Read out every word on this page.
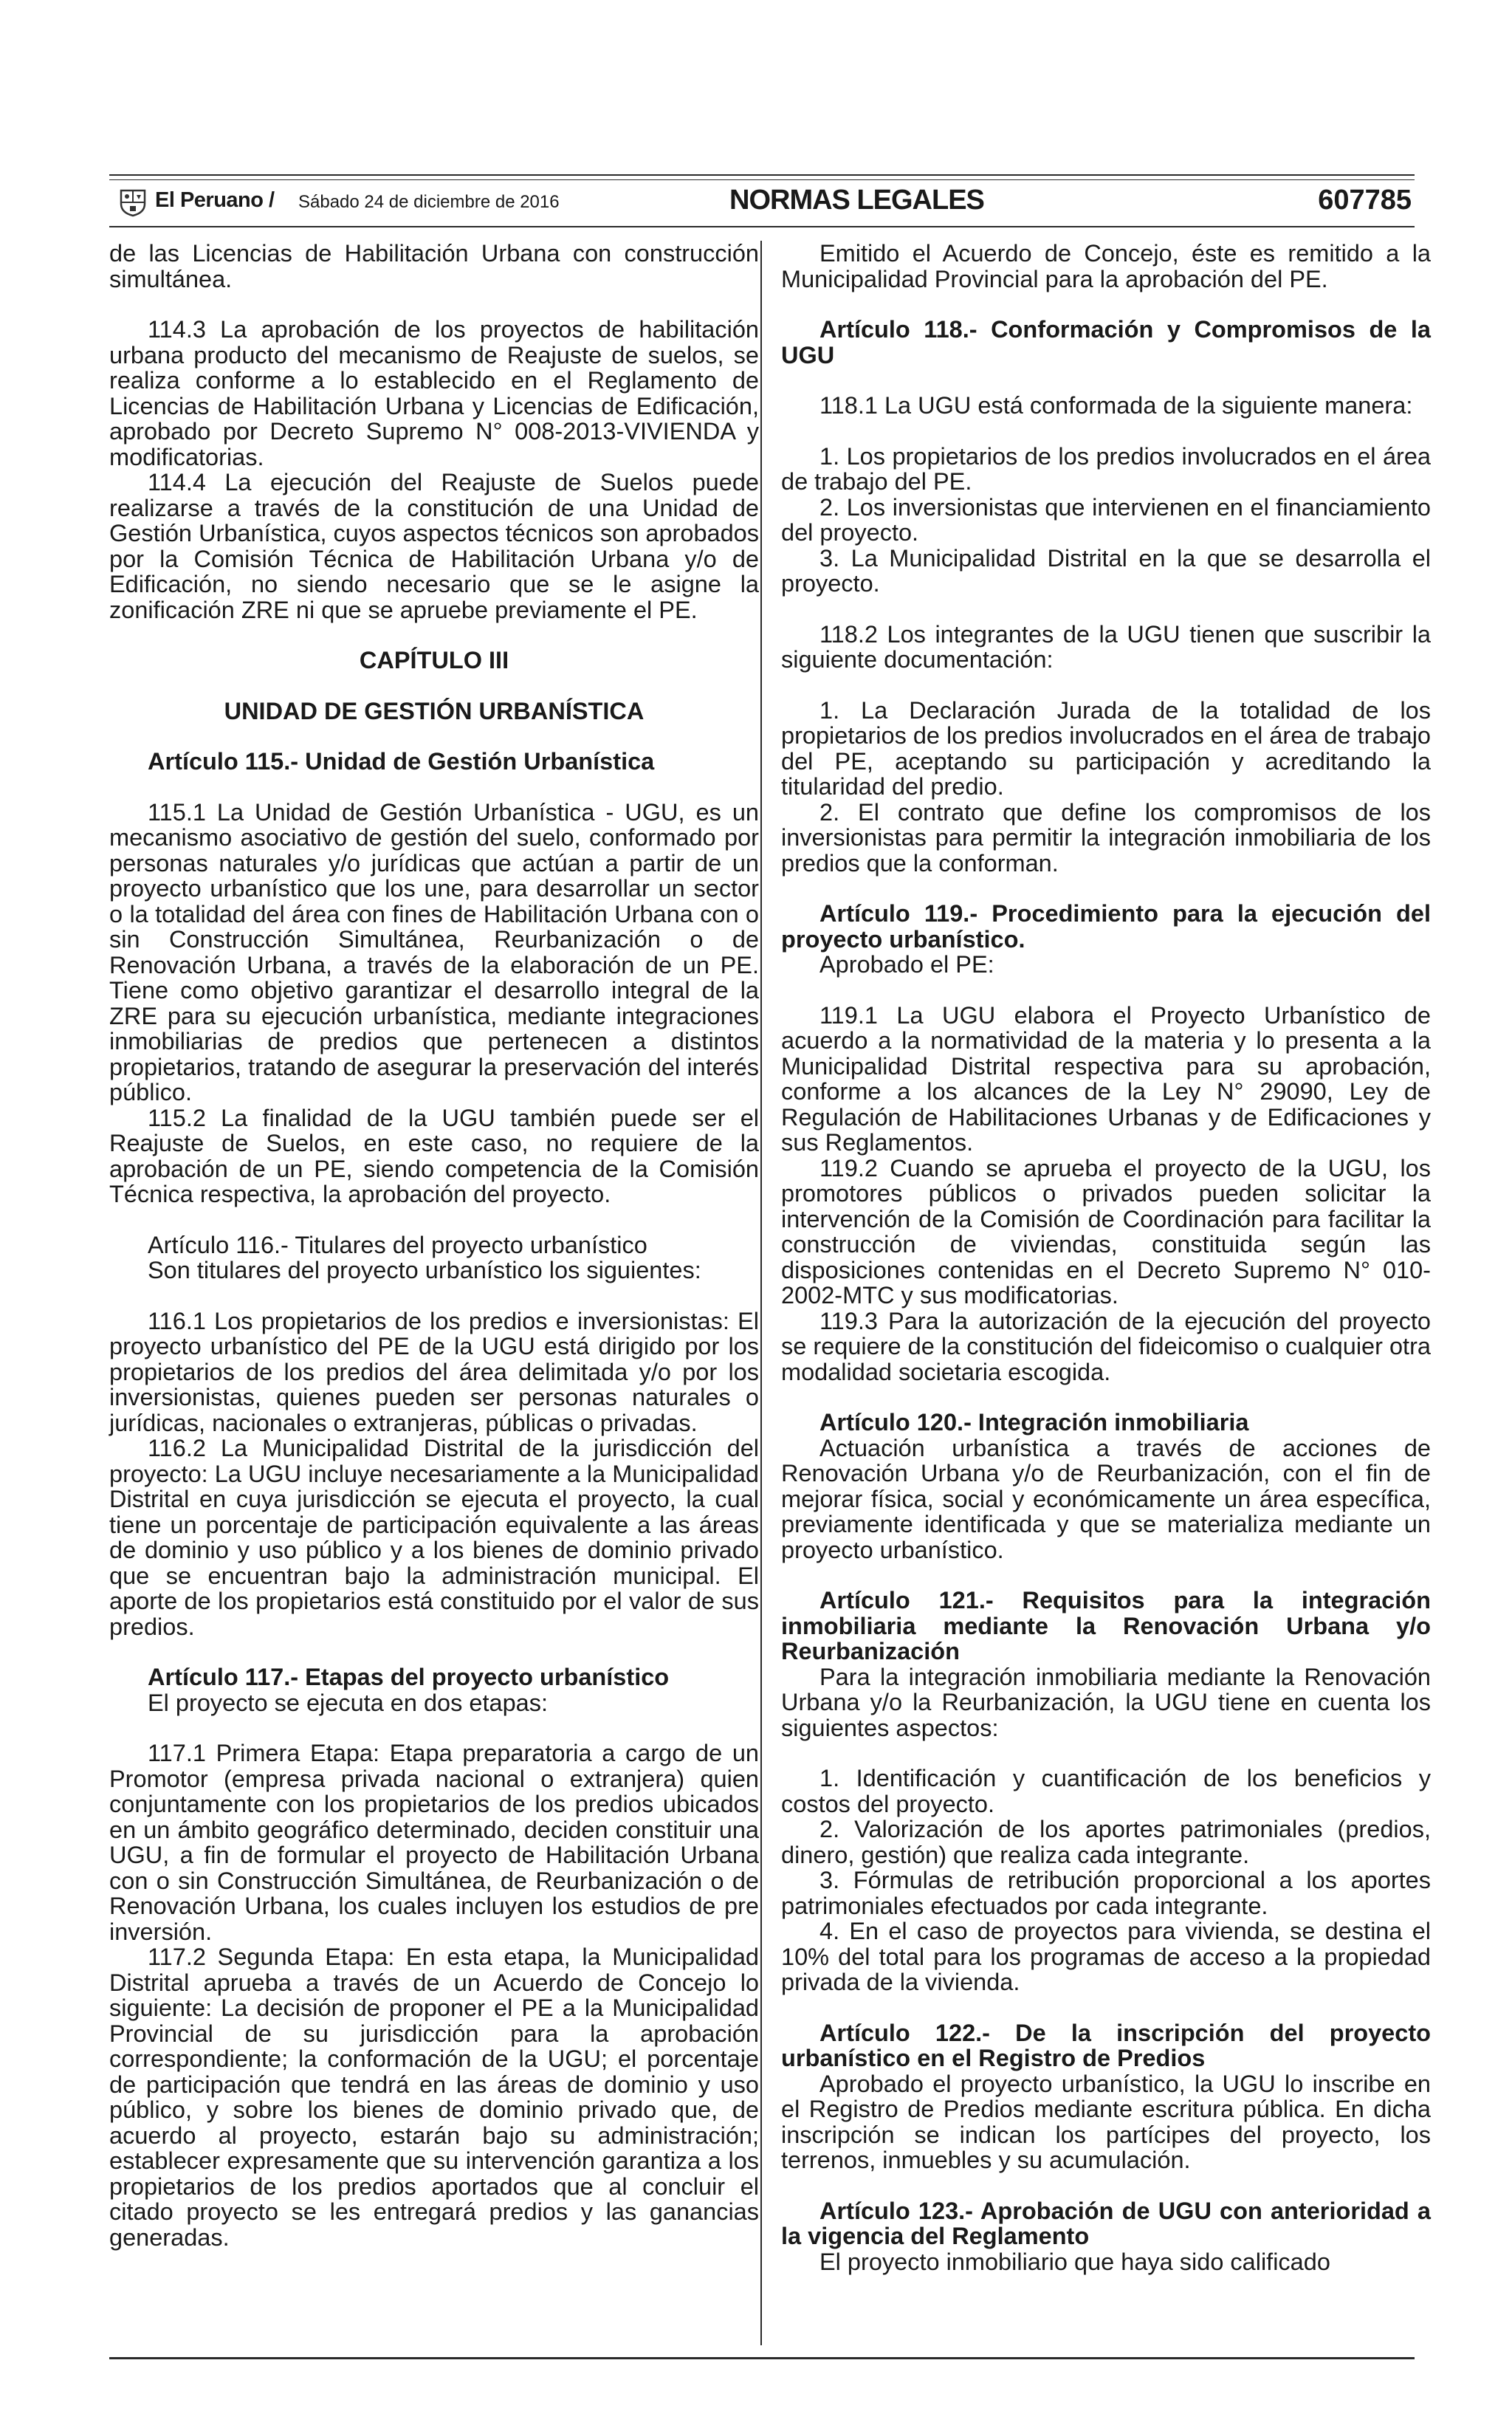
El Peruano / Sábado 24 de diciembre de 2016	NORMAS LEGALES	607785

de las Licencias de Habilitación Urbana con construcción simultánea.

114.3 La aprobación de los proyectos de habilitación urbana producto del mecanismo de Reajuste de suelos, se realiza conforme a lo establecido en el Reglamento de Licencias de Habilitación Urbana y Licencias de Edificación, aprobado por Decreto Supremo N° 008-2013-VIVIENDA y modificatorias.

114.4 La ejecución del Reajuste de Suelos puede realizarse a través de la constitución de una Unidad de Gestión Urbanística, cuyos aspectos técnicos son aprobados por la Comisión Técnica de Habilitación Urbana y/o de Edificación, no siendo necesario que se le asigne la zonificación ZRE ni que se apruebe previamente el PE.

CAPÍTULO III

UNIDAD DE GESTIÓN URBANÍSTICA

Artículo 115.- Unidad de Gestión Urbanística

115.1 La Unidad de Gestión Urbanística - UGU, es un mecanismo asociativo de gestión del suelo, conformado por personas naturales y/o jurídicas que actúan a partir de un proyecto urbanístico que los une, para desarrollar un sector o la totalidad del área con fines de Habilitación Urbana con o sin Construcción Simultánea, Reurbanización o de Renovación Urbana, a través de la elaboración de un PE. Tiene como objetivo garantizar el desarrollo integral de la ZRE para su ejecución urbanística, mediante integraciones inmobiliarias de predios que pertenecen a distintos propietarios, tratando de asegurar la preservación del interés público.

115.2 La finalidad de la UGU también puede ser el Reajuste de Suelos, en este caso, no requiere de la aprobación de un PE, siendo competencia de la Comisión Técnica respectiva, la aprobación del proyecto.

Artículo 116.- Titulares del proyecto urbanístico

Son titulares del proyecto urbanístico los siguientes:

116.1 Los propietarios de los predios e inversionistas: El proyecto urbanístico del PE de la UGU está dirigido por los propietarios de los predios del área delimitada y/o por los inversionistas, quienes pueden ser personas naturales o jurídicas, nacionales o extranjeras, públicas o privadas.

116.2 La Municipalidad Distrital de la jurisdicción del proyecto: La UGU incluye necesariamente a la Municipalidad Distrital en cuya jurisdicción se ejecuta el proyecto, la cual tiene un porcentaje de participación equivalente a las áreas de dominio y uso público y a los bienes de dominio privado que se encuentran bajo la administración municipal. El aporte de los propietarios está constituido por el valor de sus predios.

Artículo 117.- Etapas del proyecto urbanístico

El proyecto se ejecuta en dos etapas:

117.1 Primera Etapa: Etapa preparatoria a cargo de un Promotor (empresa privada nacional o extranjera) quien conjuntamente con los propietarios de los predios ubicados en un ámbito geográfico determinado, deciden constituir una UGU, a fin de formular el proyecto de Habilitación Urbana con o sin Construcción Simultánea, de Reurbanización o de Renovación Urbana, los cuales incluyen los estudios de pre inversión.

117.2 Segunda Etapa: En esta etapa, la Municipalidad Distrital aprueba a través de un Acuerdo de Concejo lo siguiente: La decisión de proponer el PE a la Municipalidad Provincial de su jurisdicción para la aprobación correspondiente; la conformación de la UGU; el porcentaje de participación que tendrá en las áreas de dominio y uso público, y sobre los bienes de dominio privado que, de acuerdo al proyecto, estarán bajo su administración; establecer expresamente que su intervención garantiza a los propietarios de los predios aportados que al concluir el citado proyecto se les entregará predios y las ganancias generadas.

Emitido el Acuerdo de Concejo, éste es remitido a la Municipalidad Provincial para la aprobación del PE.

Artículo 118.- Conformación y Compromisos de la UGU

118.1 La UGU está conformada de la siguiente manera:

1. Los propietarios de los predios involucrados en el área de trabajo del PE.

2. Los inversionistas que intervienen en el financiamiento del proyecto.

3. La Municipalidad Distrital en la que se desarrolla el proyecto.

118.2 Los integrantes de la UGU tienen que suscribir la siguiente documentación:

1. La Declaración Jurada de la totalidad de los propietarios de los predios involucrados en el área de trabajo del PE, aceptando su participación y acreditando la titularidad del predio.

2. El contrato que define los compromisos de los inversionistas para permitir la integración inmobiliaria de los predios que la conforman.

Artículo 119.- Procedimiento para la ejecución del proyecto urbanístico.

Aprobado el PE:

119.1 La UGU elabora el Proyecto Urbanístico de acuerdo a la normatividad de la materia y lo presenta a la Municipalidad Distrital respectiva para su aprobación, conforme a los alcances de la Ley N° 29090, Ley de Regulación de Habilitaciones Urbanas y de Edificaciones y sus Reglamentos.

119.2 Cuando se aprueba el proyecto de la UGU, los promotores públicos o privados pueden solicitar la intervención de la Comisión de Coordinación para facilitar la construcción de viviendas, constituida según las disposiciones contenidas en el Decreto Supremo N° 010-2002-MTC y sus modificatorias.

119.3 Para la autorización de la ejecución del proyecto se requiere de la constitución del fideicomiso o cualquier otra modalidad societaria escogida.

Artículo 120.- Integración inmobiliaria

Actuación urbanística a través de acciones de Renovación Urbana y/o de Reurbanización, con el fin de mejorar física, social y económicamente un área específica, previamente identificada y que se materializa mediante un proyecto urbanístico.

Artículo 121.- Requisitos para la integración inmobiliaria mediante la Renovación Urbana y/o Reurbanización

Para la integración inmobiliaria mediante la Renovación Urbana y/o la Reurbanización, la UGU tiene en cuenta los siguientes aspectos:

1. Identificación y cuantificación de los beneficios y costos del proyecto.

2. Valorización de los aportes patrimoniales (predios, dinero, gestión) que realiza cada integrante.

3. Fórmulas de retribución proporcional a los aportes patrimoniales efectuados por cada integrante.

4. En el caso de proyectos para vivienda, se destina el 10% del total para los programas de acceso a la propiedad privada de la vivienda.

Artículo 122.- De la inscripción del proyecto urbanístico en el Registro de Predios

Aprobado el proyecto urbanístico, la UGU lo inscribe en el Registro de Predios mediante escritura pública. En dicha inscripción se indican los partícipes del proyecto, los terrenos, inmuebles y su acumulación.

Artículo 123.- Aprobación de UGU con anterioridad a la vigencia del Reglamento

El proyecto inmobiliario que haya sido calificado
